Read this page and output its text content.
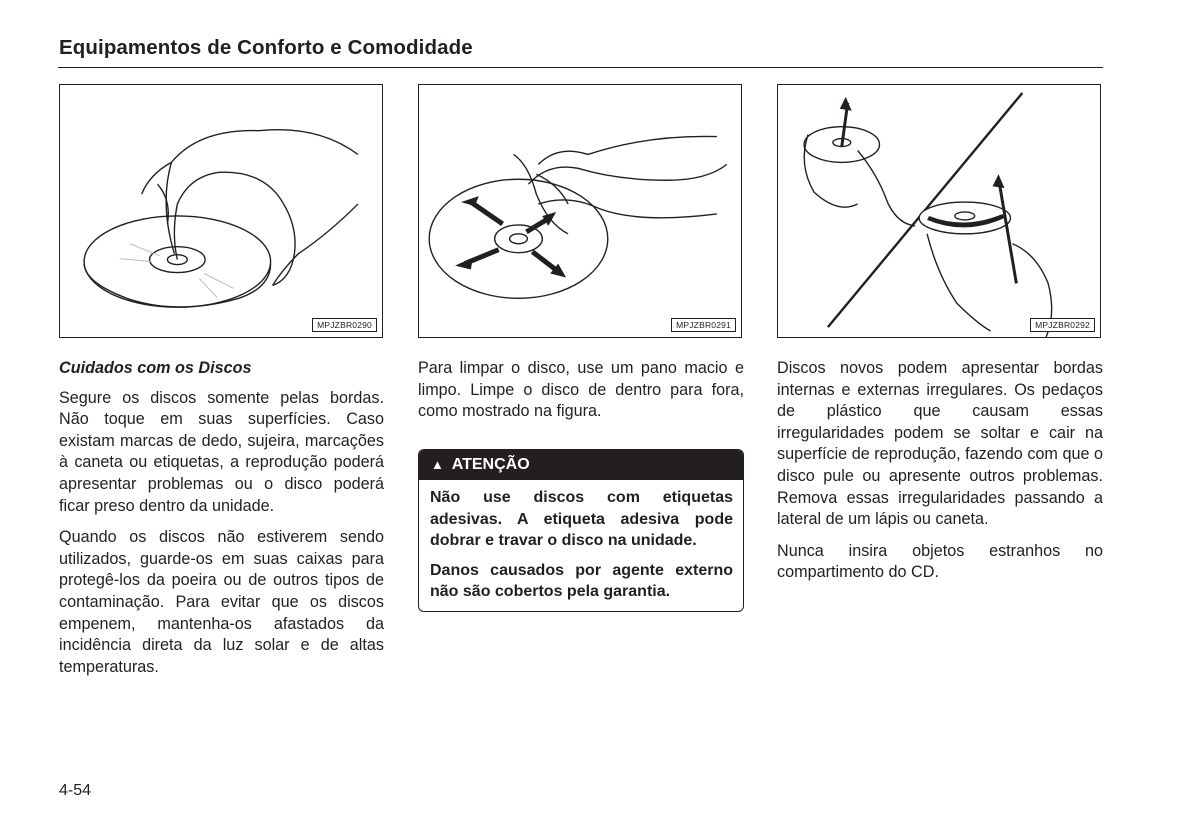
Equipamentos de Conforto e Comodidade
MPJZBR0290	MPJZBR0291	MPJZBR0292

Cuidados com os Discos

Segure os discos somente pelas bordas. Não toque em suas superfícies. Caso existam marcas de dedo, sujeira, marcações à caneta ou etiquetas, a reprodução poderá apresentar problemas ou o disco poderá ficar preso dentro da unidade.

Quando os discos não estiverem sendo utilizados, guarde-os em suas caixas para protegê-los da poeira ou de outros tipos de contaminação. Para evitar que os discos empenem, mantenha-os afastados da incidência direta da luz solar e de altas temperaturas.

Para limpar o disco, use um pano macio e limpo. Limpe o disco de dentro para fora, como mostrado na figura.

▲ ATENÇÃO

Não use discos com etiquetas adesivas. A etiqueta adesiva pode dobrar e travar o disco na unidade.

Danos causados por agente externo não são cobertos pela garantia.

Discos novos podem apresentar bordas internas e externas irregulares. Os pedaços de plástico que causam essas irregularidades podem se soltar e cair na superfície de reprodução, fazendo com que o disco pule ou apresente outros problemas. Remova essas irregularidades passando a lateral de um lápis ou caneta.

Nunca insira objetos estranhos no compartimento do CD.

4-54
